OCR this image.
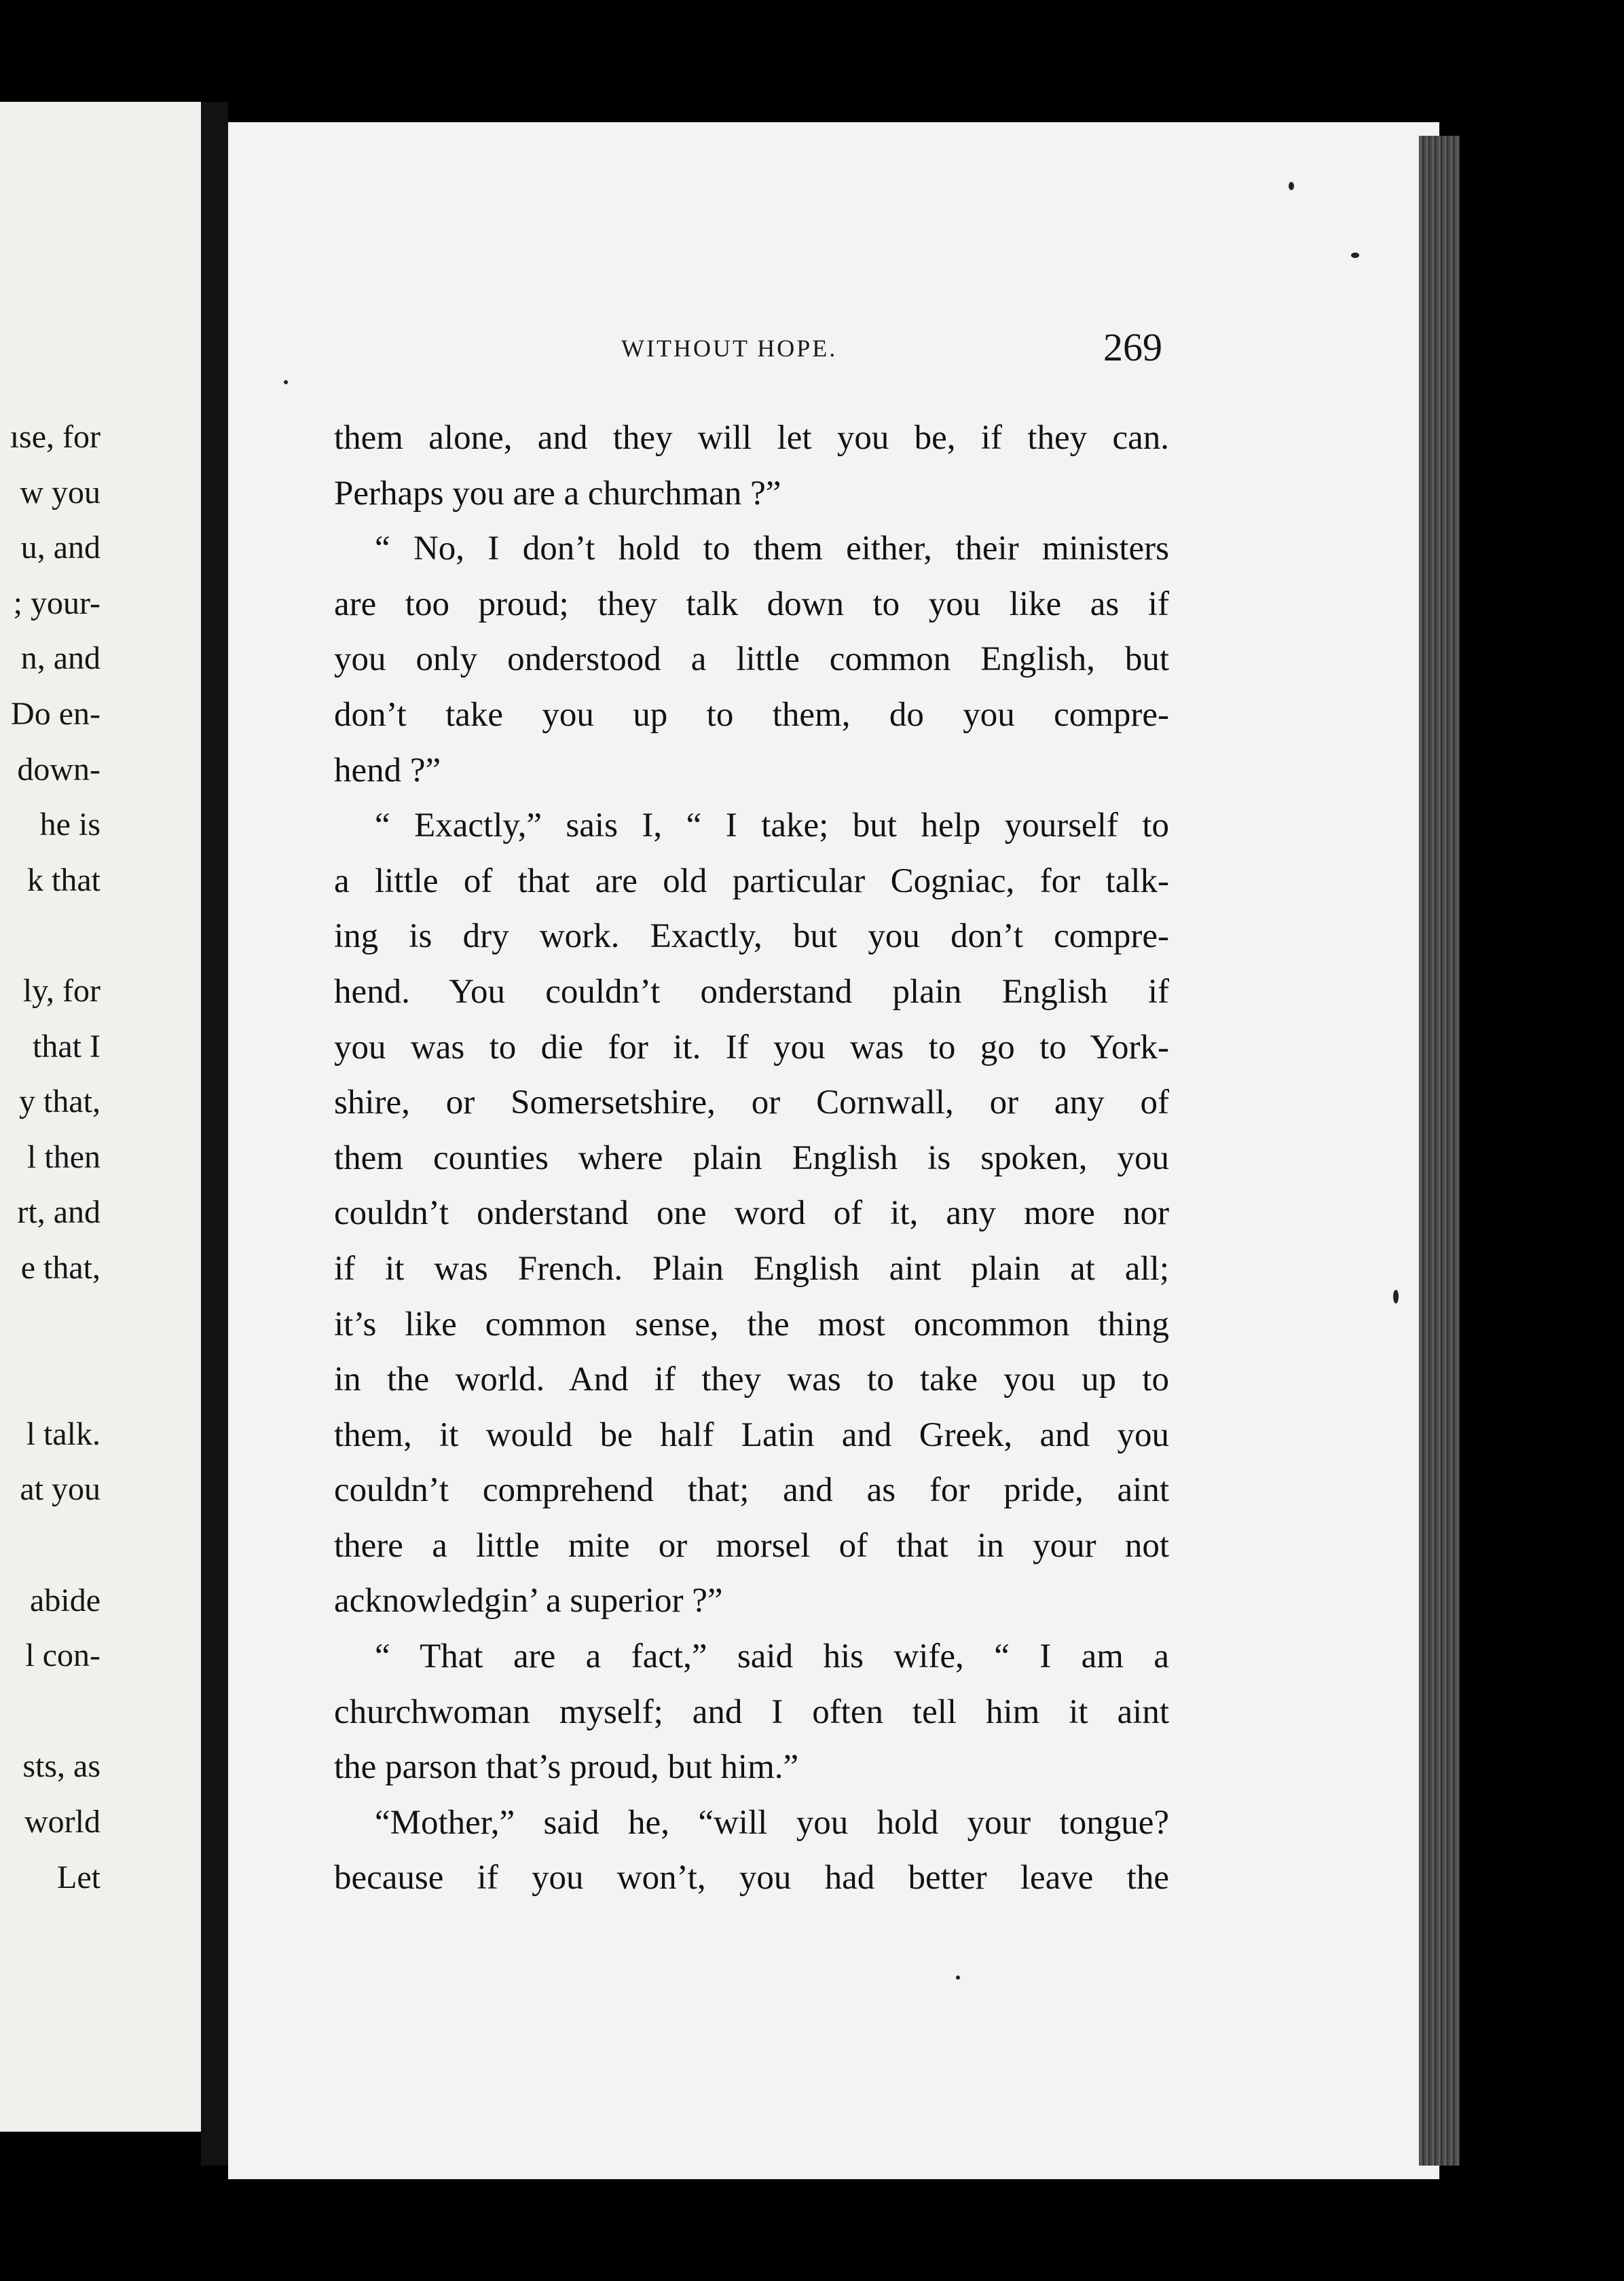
ıse, for
w you
u, and
; your-
n, and
Do en-
down-
he is
k that
ly, for
that I
y that,
l then
rt, and
e that,
l talk.
at you
abide
l con-
sts, as
world
Let
WITHOUT HOPE.	269
them alone, and they will let you be, if they can.
Perhaps you are a churchman ?”
“ No, I don’t hold to them either, their ministers
are too proud; they talk down to you like as if
you only onderstood a little common English, but
don’t take you up to them, do you compre-
hend ?”
“ Exactly,” sais I, “ I take; but help yourself to
a little of that are old particular Cogniac, for talk-
ing is dry work. Exactly, but you don’t compre-
hend. You couldn’t onderstand plain English if
you was to die for it. If you was to go to York-
shire, or Somersetshire, or Cornwall, or any of
them counties where plain English is spoken, you
couldn’t onderstand one word of it, any more nor
if it was French. Plain English aint plain at all;
it’s like common sense, the most oncommon thing
in the world. And if they was to take you up to
them, it would be half Latin and Greek, and you
couldn’t comprehend that; and as for pride, aint
there a little mite or morsel of that in your not
acknowledgin’ a superior ?”
“ That are a fact,” said his wife, “ I am a
churchwoman myself; and I often tell him it aint
the parson that’s proud, but him.”
“Mother,” said he, “will you hold your tongue?
because if you won’t, you had better leave the
